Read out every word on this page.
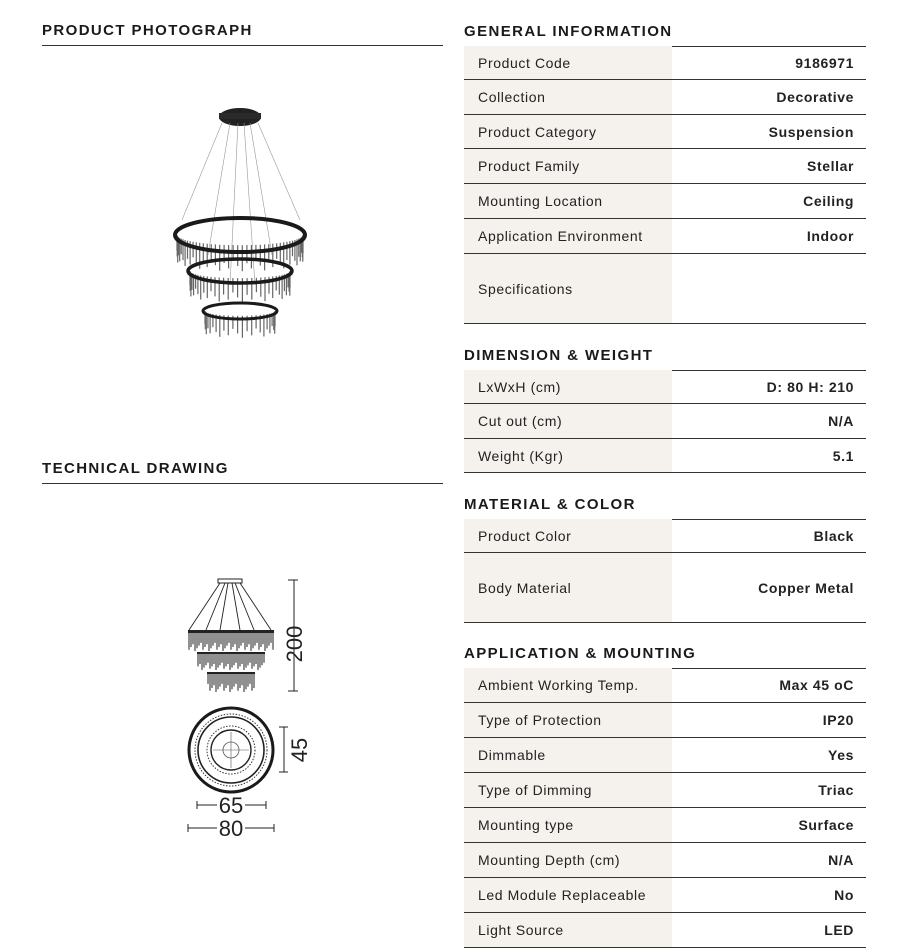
PRODUCT PHOTOGRAPH
TECHNICAL DRAWING
200
45
65
80
GENERAL INFORMATION
Product Code	9186971
Collection	Decorative
Product Category	Suspension
Product Family	Stellar
Mounting Location	Ceiling
Application Environment	Indoor
Specifications
DIMENSION & WEIGHT
LxWxH (cm)	D: 80 H: 210
Cut out (cm)	N/A
Weight (Kgr)	5.1
MATERIAL & COLOR
Product Color	Black
Body Material	Copper Metal
APPLICATION & MOUNTING
Ambient Working Temp.	Max 45 oC
Type of Protection	IP20
Dimmable	Yes
Type of Dimming	Triac
Mounting type	Surface
Mounting Depth (cm)	N/A
Led Module Replaceable	No
Light Source	LED
